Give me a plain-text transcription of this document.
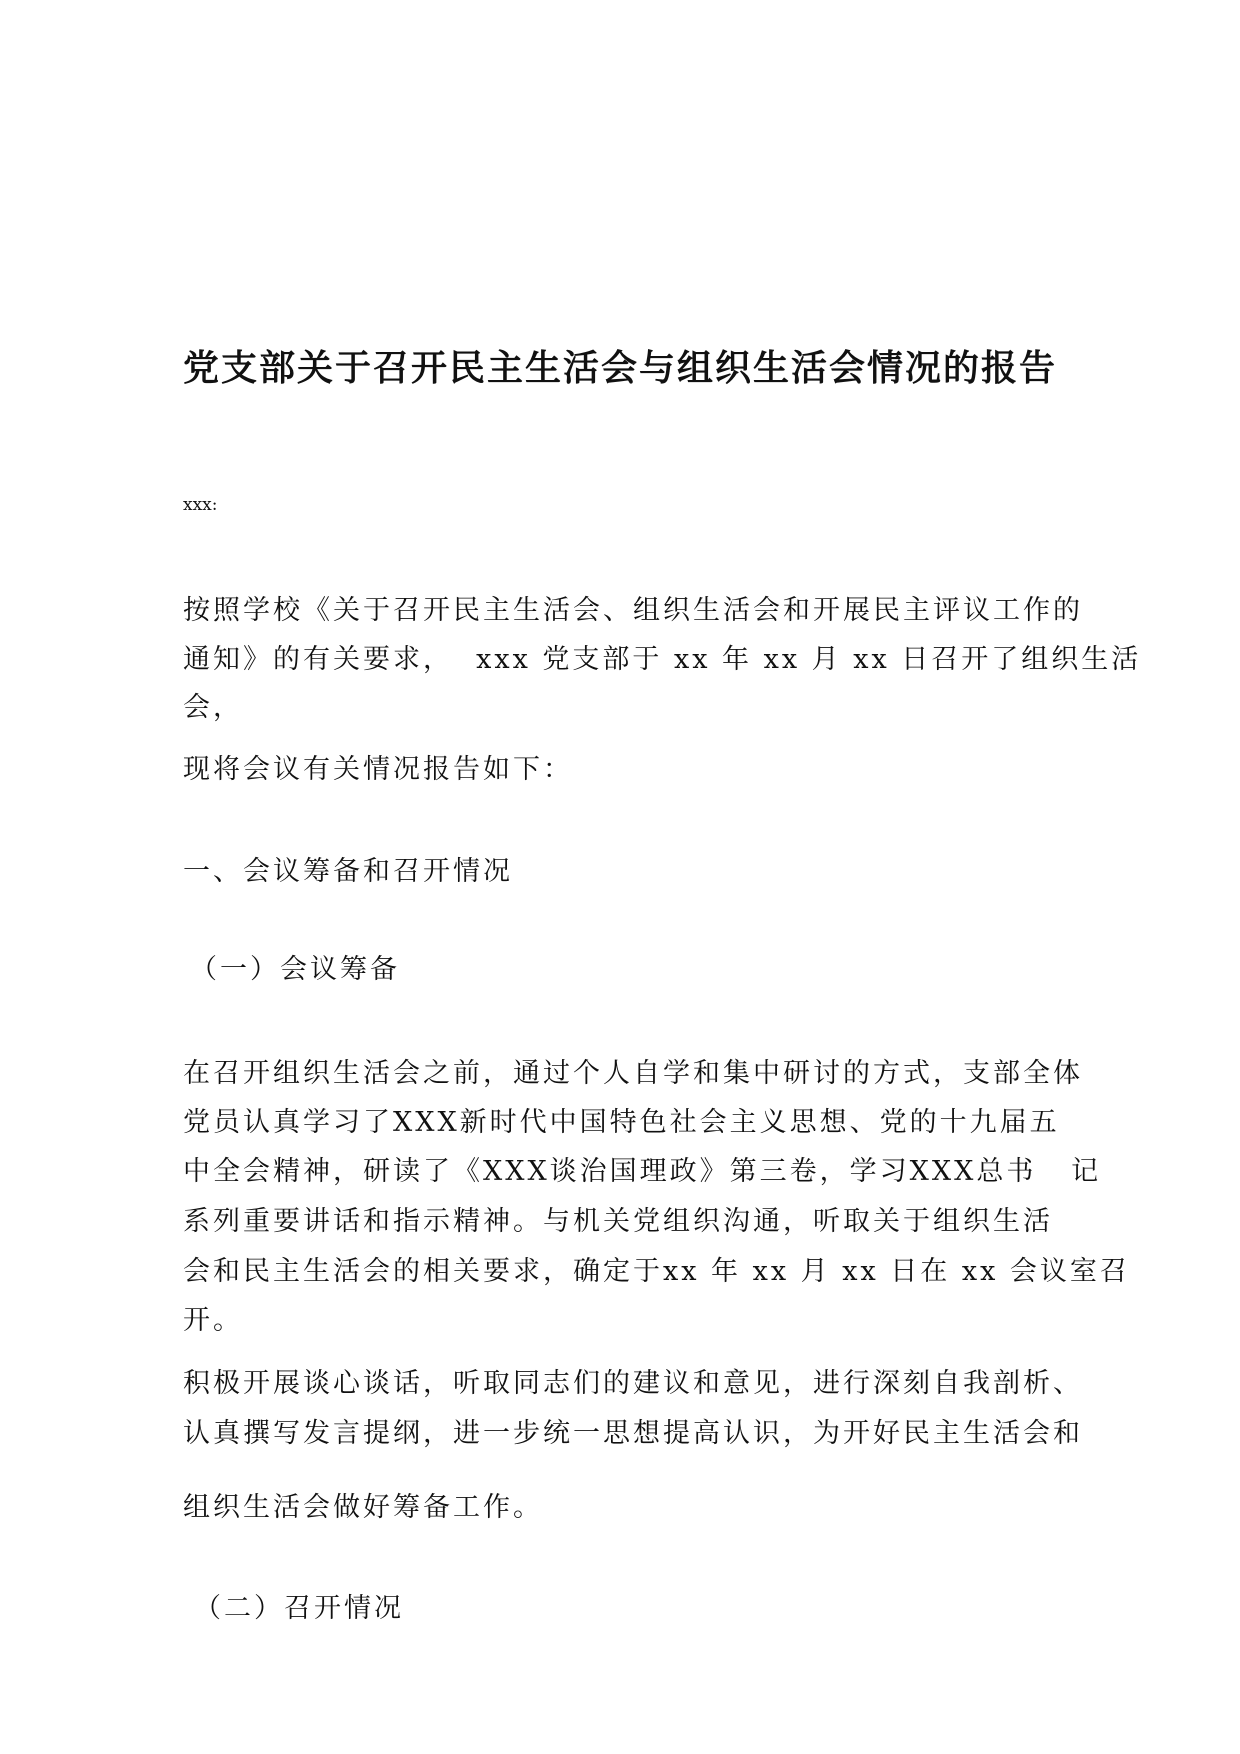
党支部关于召开民主生活会与组织生活会情况的报告
xxx:
按照学校《关于召开民主生活会、组织生活会和开展民主评议工作的
通知》的有关要求，  xxx 党支部于 xx 年 xx 月 xx 日召开了组织生活
会，
现将会议有关情况报告如下：
一、会议筹备和召开情况
（一）会议筹备
在召开组织生活会之前，通过个人自学和集中研讨的方式，支部全体
党员认真学习了XXX新时代中国特色社会主义思想、党的十九届五
中全会精神，研读了《XXX谈治国理政》第三卷，学习XXX总书   记
系列重要讲话和指示精神。与机关党组织沟通，听取关于组织生活
会和民主生活会的相关要求，确定于xx 年 xx 月 xx 日在 xx 会议室召
开。
积极开展谈心谈话，听取同志们的建议和意见，进行深刻自我剖析、
认真撰写发言提纲，进一步统一思想提高认识，为开好民主生活会和
组织生活会做好筹备工作。
（二）召开情况
